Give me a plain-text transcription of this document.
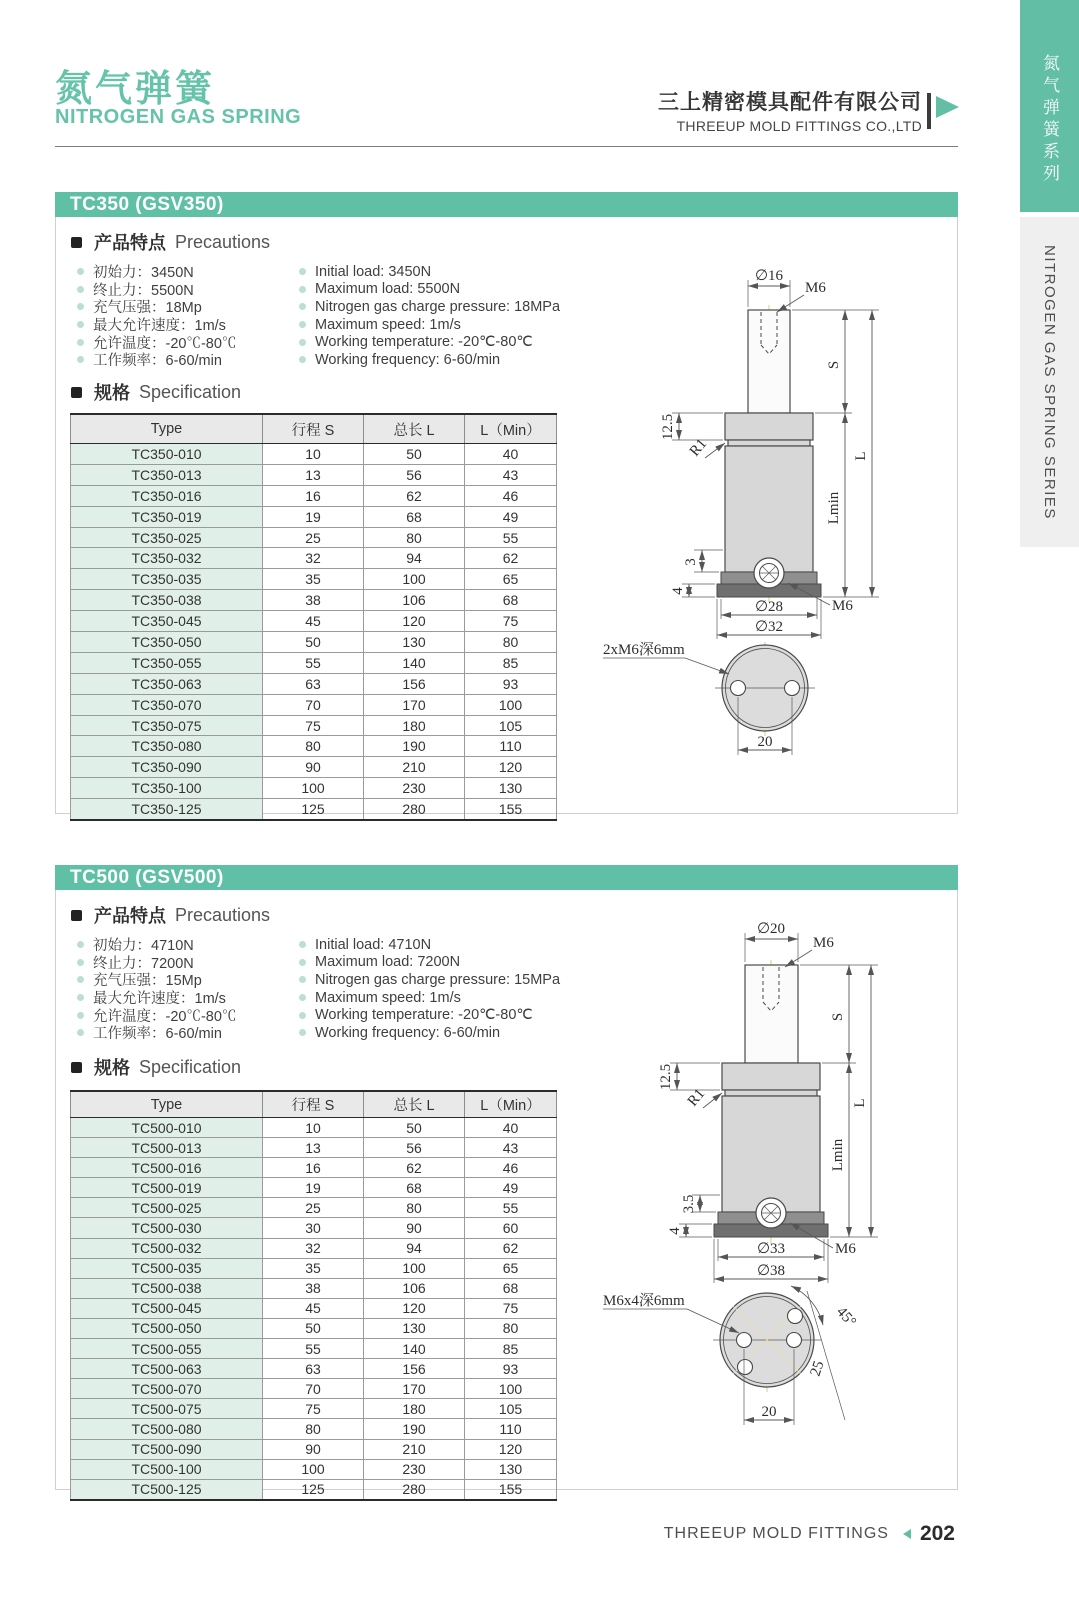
氮气弹簧
NITROGEN GAS SPRING
三上精密模具配件有限公司
THREEUP MOLD FITTINGS CO.,LTD	氮气弹簧系列
NITROGEN GAS SPRING SERIES
TC350 (GSV350)
产品特点 Precautions
初始力：3450N
终止力：5500N
充气压强：18Mp
最大允许速度：1m/s
允许温度：-20℃-80℃
工作频率：6-60/min
Initial load: 3450N
Maximum load: 5500N
Nitrogen gas charge pressure: 18MPa
Maximum speed: 1m/s
Working temperature: -20℃-80℃
Working frequency: 6-60/min
规格 Specification
Type	行程 S	总长 L	L（Min）
TC350-010	10	50	40
TC350-013	13	56	43
TC350-016	16	62	46
TC350-019	19	68	49
TC350-025	25	80	55
TC350-032	32	94	62
TC350-035	35	100	65
TC350-038	38	106	68
TC350-045	45	120	75
TC350-050	50	130	80
TC350-055	55	140	85
TC350-063	63	156	93
TC350-070	70	170	100
TC350-075	75	180	105
TC350-080	80	190	110
TC350-090	90	210	120
TC350-100	100	230	130
TC350-125	125	280	155
∅16
M6
S
Lmin
L
12.5
R1
3
4
∅28
∅32
M6
2xM6深6mm
20
TC500 (GSV500)
产品特点 Precautions
初始力：4710N
终止力：7200N
充气压强：15Mp
最大允许速度：1m/s
允许温度：-20℃-80℃
工作频率：6-60/min
Initial load: 4710N
Maximum load: 7200N
Nitrogen gas charge pressure: 15MPa
Maximum speed: 1m/s
Working temperature: -20℃-80℃
Working frequency: 6-60/min
规格 Specification
Type	行程 S	总长 L	L（Min）
TC500-010	10	50	40
TC500-013	13	56	43
TC500-016	16	62	46
TC500-019	19	68	49
TC500-025	25	80	55
TC500-030	30	90	60
TC500-032	32	94	62
TC500-035	35	100	65
TC500-038	38	106	68
TC500-045	45	120	75
TC500-050	50	130	80
TC500-055	55	140	85
TC500-063	63	156	93
TC500-070	70	170	100
TC500-075	75	180	105
TC500-080	80	190	110
TC500-090	90	210	120
TC500-100	100	230	130
TC500-125	125	280	155
∅20
M6
S
Lmin
L
12.5
R1
3.5
4
∅33
∅38
M6
M6x4深6mm
45°
25
20
THREEUP MOLD FITTINGS 202
